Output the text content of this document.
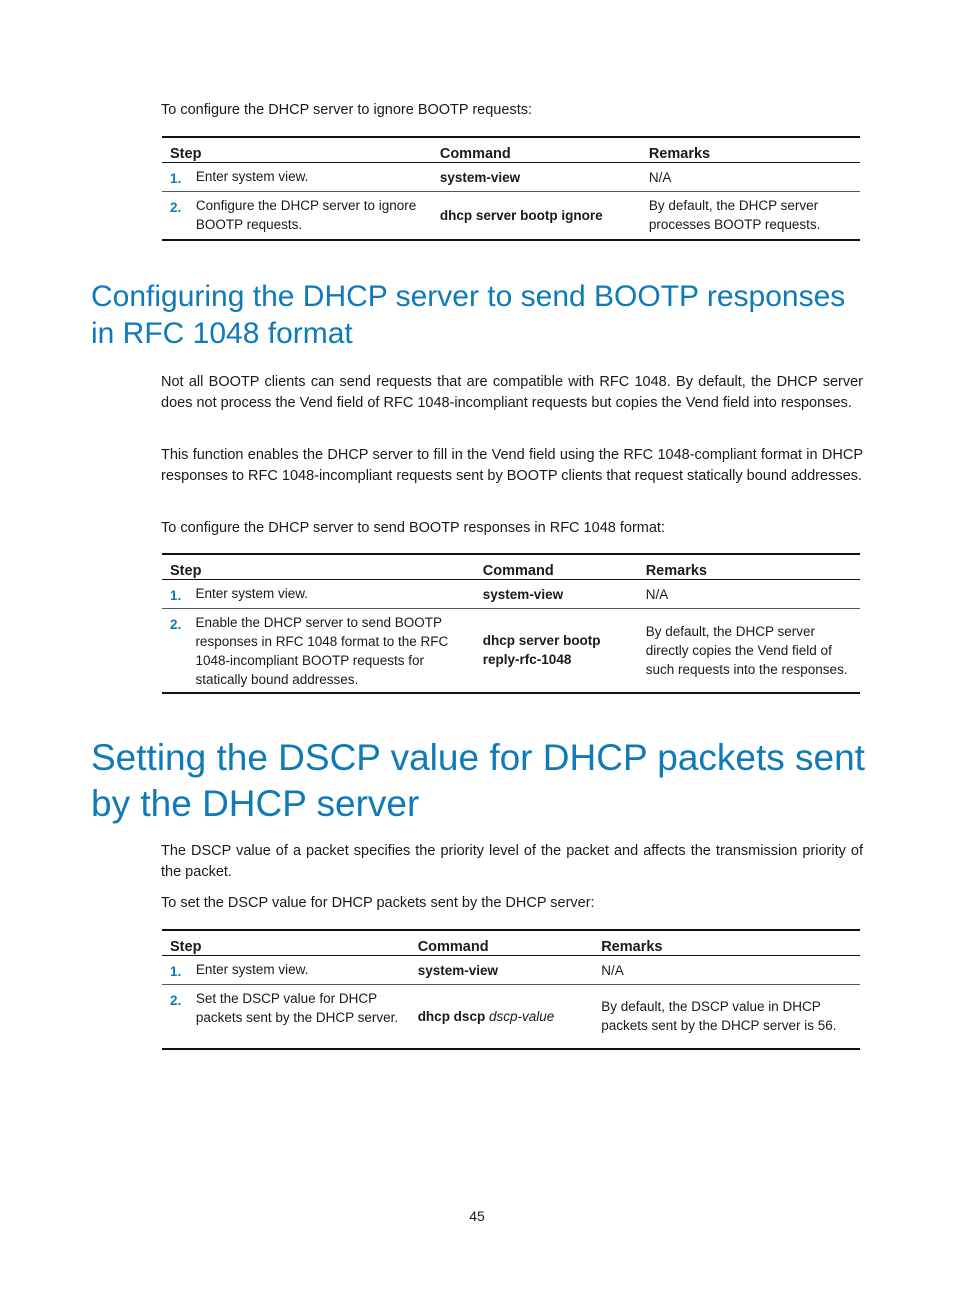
To configure the DHCP server to ignore BOOTP requests:

Step		Command	Remarks
1.	Enter system view.	system-view	N/A
2.	Configure the DHCP server to ignore BOOTP requests.	dhcp server bootp ignore	By default, the DHCP server processes BOOTP requests.
Configuring the DHCP server to send BOOTP responses in RFC 1048 format

Not all BOOTP clients can send requests that are compatible with RFC 1048. By default, the DHCP server does not process the Vend field of RFC 1048-incompliant requests but copies the Vend field into responses.

This function enables the DHCP server to fill in the Vend field using the RFC 1048-compliant format in DHCP responses to RFC 1048-incompliant requests sent by BOOTP clients that request statically bound addresses.

To configure the DHCP server to send BOOTP responses in RFC 1048 format:

Step		Command	Remarks
1.	Enter system view.	system-view	N/A
2.	Enable the DHCP server to send BOOTP responses in RFC 1048 format to the RFC 1048-incompliant BOOTP requests for statically bound addresses.	dhcp server bootp reply-rfc-1048	By default, the DHCP server directly copies the Vend field of such requests into the responses.
Setting the DSCP value for DHCP packets sent by the DHCP server

The DSCP value of a packet specifies the priority level of the packet and affects the transmission priority of the packet.

To set the DSCP value for DHCP packets sent by the DHCP server:

Step		Command	Remarks
1.	Enter system view.	system-view	N/A
2.	Set the DSCP value for DHCP packets sent by the DHCP server.	dhcp dscp dscp-value	By default, the DSCP value in DHCP packets sent by the DHCP server is 56.
45
